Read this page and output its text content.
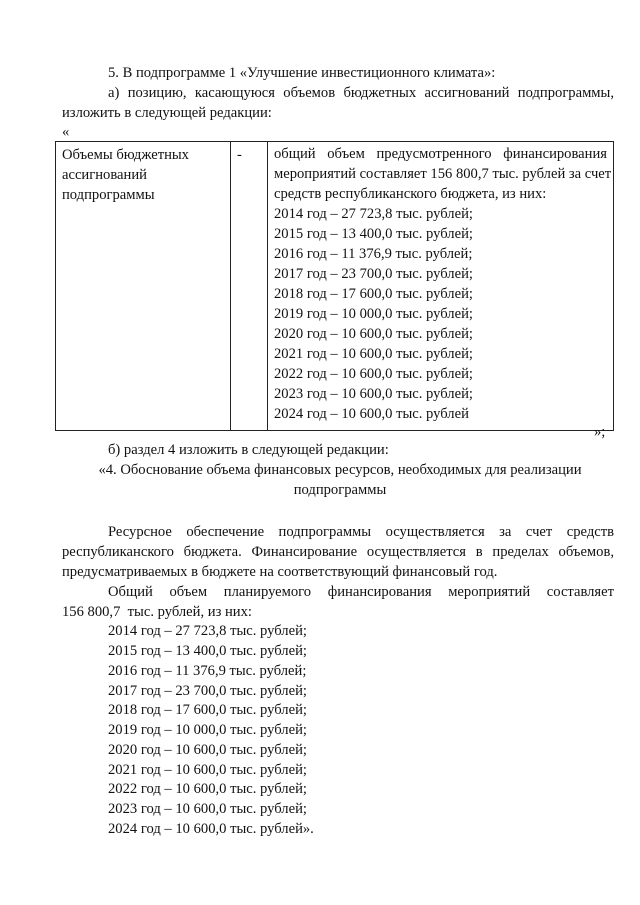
5. В подпрограмме 1 «Улучшение инвестиционного климата»:
а) позицию, касающуюся объемов бюджетных ассигнований подпрограммы,
изложить в следующей редакции:
«
Объемы бюджетных
ассигнований
подпрограммы

-	общий объем предусмотренного финансирования
мероприятий составляет 156 800,7 тыс. рублей за счет
средств республиканского бюджета, из них:
2014 год – 27 723,8 тыс. рублей;
2015 год – 13 400,0 тыс. рублей;
2016 год – 11 376,9 тыс. рублей;
2017 год – 23 700,0 тыс. рублей;
2018 год – 17 600,0 тыс. рублей;
2019 год – 10 000,0 тыс. рублей;
2020 год – 10 600,0 тыс. рублей;
2021 год – 10 600,0 тыс. рублей;
2022 год – 10 600,0 тыс. рублей;
2023 год – 10 600,0 тыс. рублей;
2024 год – 10 600,0 тыс. рублей
»;
б) раздел 4 изложить в следующей редакции:
«4. Обоснование объема финансовых ресурсов, необходимых для реализации
подпрограммы
Ресурсное обеспечение подпрограммы осуществляется за счет средств
республиканского бюджета. Финансирование осуществляется в пределах объемов,
предусматриваемых в бюджете на соответствующий финансовый год.
Общий объем планируемого финансирования мероприятий составляет
156 800,7  тыс. рублей, из них:
2014 год – 27 723,8 тыс. рублей;
2015 год – 13 400,0 тыс. рублей;
2016 год – 11 376,9 тыс. рублей;
2017 год – 23 700,0 тыс. рублей;
2018 год – 17 600,0 тыс. рублей;
2019 год – 10 000,0 тыс. рублей;
2020 год – 10 600,0 тыс. рублей;
2021 год – 10 600,0 тыс. рублей;
2022 год – 10 600,0 тыс. рублей;
2023 год – 10 600,0 тыс. рублей;
2024 год – 10 600,0 тыс. рублей».
